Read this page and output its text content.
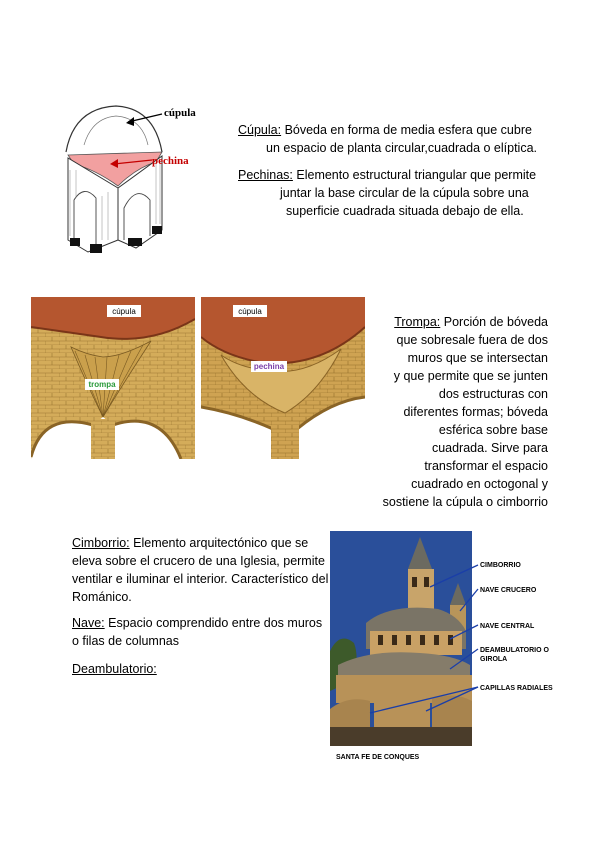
cúpula
pechina
Cúpula: Bóveda en forma de media esfera que cubre
un espacio de planta circular,cuadrada o elíptica.
Pechinas: Elemento estructural triangular que permite
juntar la base circular de la cúpula sobre una
superficie cuadrada situada debajo de ella.
cúpula
trompa
cúpula
pechina
Trompa: Porción de bóveda
que sobresale fuera de dos
muros que se intersectan
y que permite que se junten
dos estructuras con
diferentes formas; bóveda
esférica sobre base
cuadrada. Sirve para
transformar el espacio
cuadrado en octogonal y
sostiene la cúpula o cimborrio
Cimborrio: Elemento arquitectónico que se
eleva sobre el crucero de una Iglesia, permite
ventilar e iluminar el interior. Característico del
Románico.
Nave: Espacio comprendido entre dos muros
o filas de columnas
Deambulatorio:
CIMBORRIO
NAVE CRUCERO
NAVE CENTRAL
DEAMBULATORIO O
GIROLA
CAPILLAS RADIALES
SANTA FE DE CONQUES
